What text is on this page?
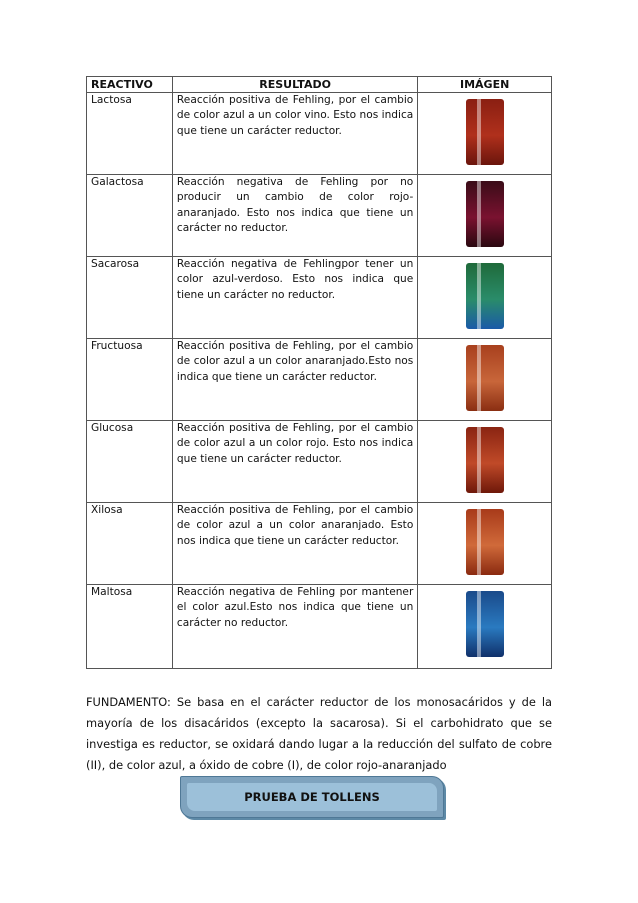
REACTIVO	RESULTADO	IMÁGEN
Lactosa	Reacción positiva de Fehling, por el cambio de color azul a un color vino. Esto nos indica que tiene un carácter reductor.	

Galactosa	Reacción negativa de Fehling por no producir un cambio de color rojo-anaranjado. Esto nos indica que tiene un carácter no reductor.	

Sacarosa	Reacción negativa de Fehlingpor tener un color azul-verdoso. Esto nos indica que tiene un carácter no reductor.	

Fructuosa	Reacción positiva de Fehling, por el cambio de color azul a un color anaranjado.Esto nos indica que tiene un carácter reductor.	

Glucosa	Reacción positiva de Fehling, por el cambio de color azul a un color rojo. Esto nos indica que tiene un carácter reductor.	

Xilosa	Reacción positiva de Fehling, por el cambio de color azul a un color anaranjado. Esto nos indica que tiene un carácter reductor.	

Maltosa	Reacción negativa de Fehling por mantener el color azul.Esto nos indica que tiene un carácter no reductor.	
FUNDAMENTO: Se basa en el carácter reductor de los monosacáridos y de la mayoría de los disacáridos (excepto la sacarosa). Si el carbohidrato que se investiga es reductor, se oxidará dando lugar a la reducción del sulfato de cobre (II), de color azul, a óxido de cobre (I), de color rojo-anaranjado
PRUEBA DE TOLLENS
